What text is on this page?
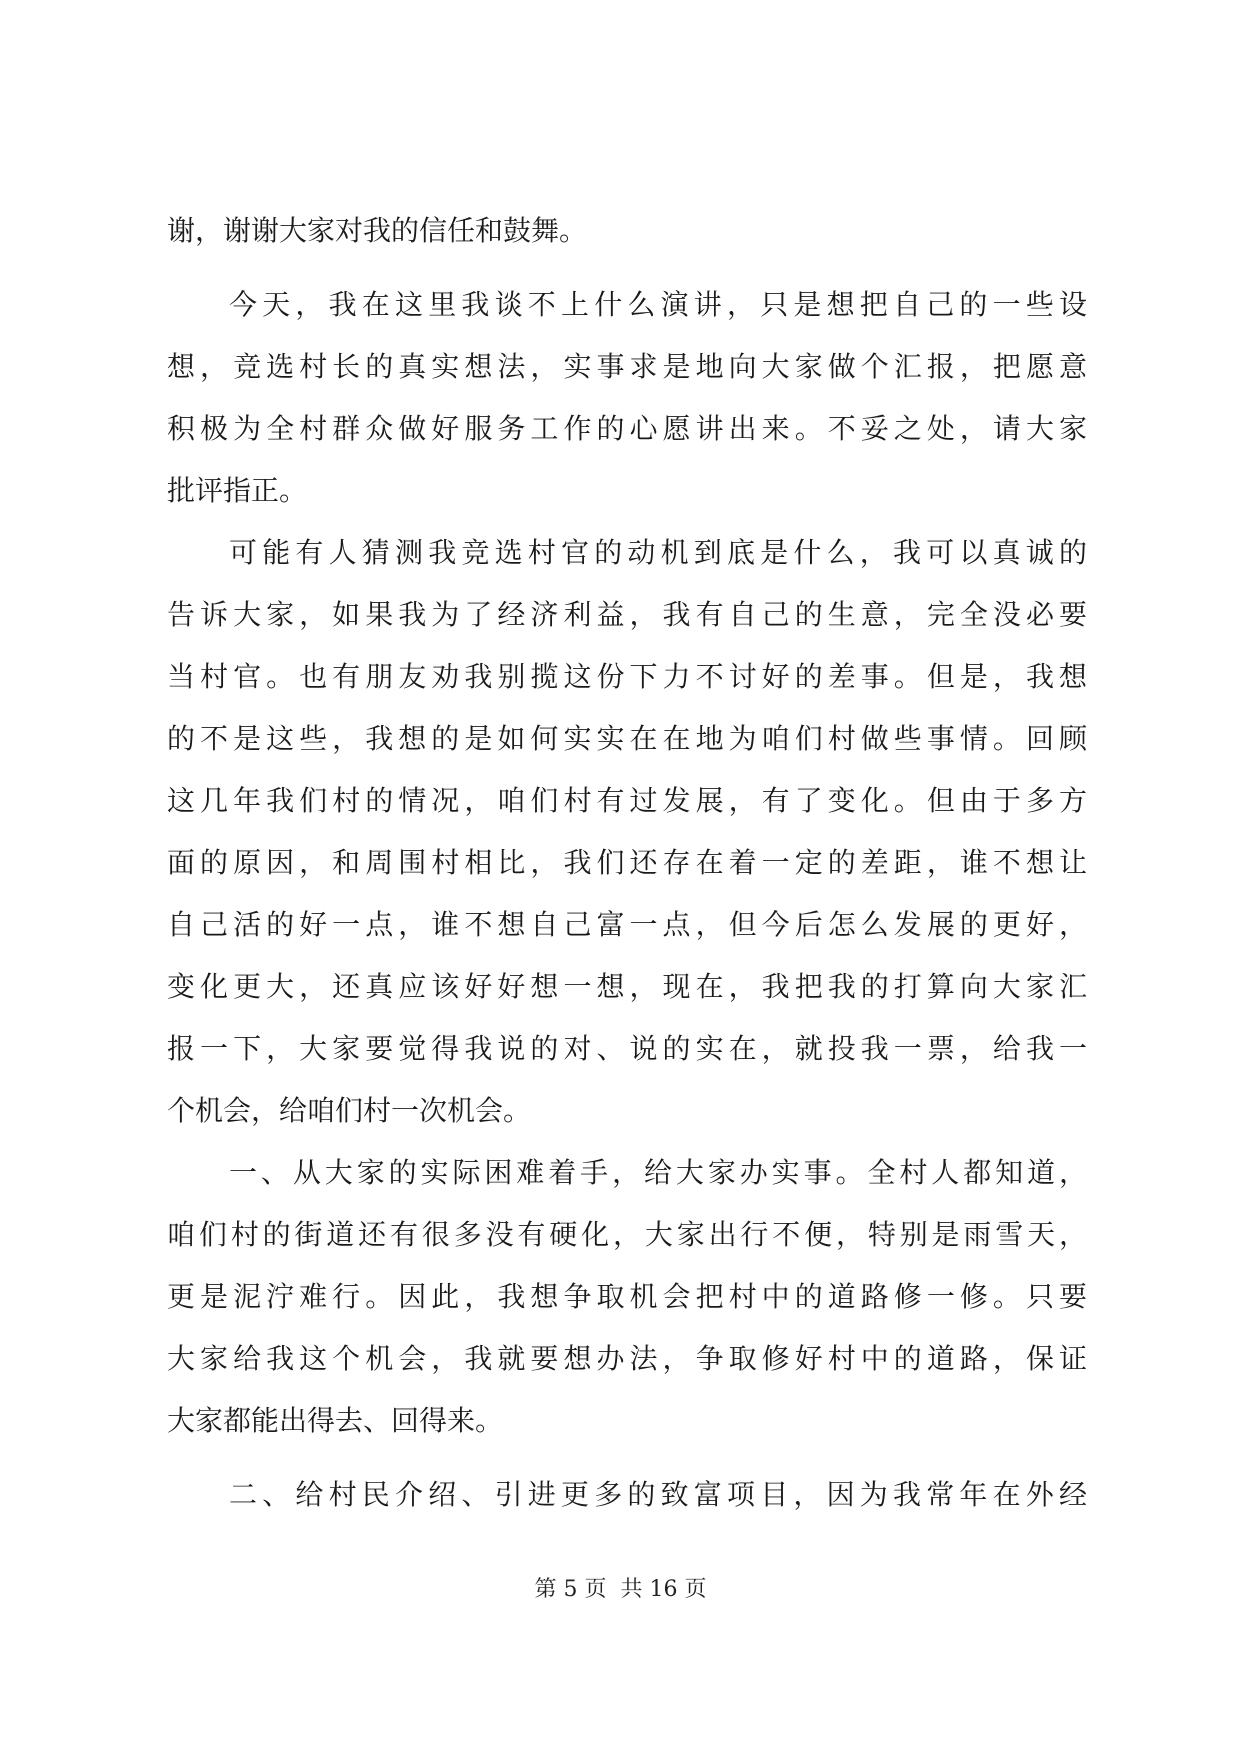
谢，谢谢大家对我的信任和鼓舞。
今天，我在这里我谈不上什么演讲，只是想把自己的一些设
想，竞选村长的真实想法，实事求是地向大家做个汇报，把愿意
积极为全村群众做好服务工作的心愿讲出来。不妥之处，请大家
批评指正。
可能有人猜测我竞选村官的动机到底是什么，我可以真诚的
告诉大家，如果我为了经济利益，我有自己的生意，完全没必要
当村官。也有朋友劝我别揽这份下力不讨好的差事。但是，我想
的不是这些，我想的是如何实实在在地为咱们村做些事情。回顾
这几年我们村的情况，咱们村有过发展，有了变化。但由于多方
面的原因，和周围村相比，我们还存在着一定的差距，谁不想让
自己活的好一点，谁不想自己富一点，但今后怎么发展的更好，
变化更大，还真应该好好想一想，现在，我把我的打算向大家汇
报一下，大家要觉得我说的对、说的实在，就投我一票，给我一
个机会，给咱们村一次机会。
一、从大家的实际困难着手，给大家办实事。全村人都知道，
咱们村的街道还有很多没有硬化，大家出行不便，特别是雨雪天，
更是泥泞难行。因此，我想争取机会把村中的道路修一修。只要
大家给我这个机会，我就要想办法，争取修好村中的道路，保证
大家都能出得去、回得来。
二、给村民介绍、引进更多的致富项目，因为我常年在外经
第 5 页  共 16 页
